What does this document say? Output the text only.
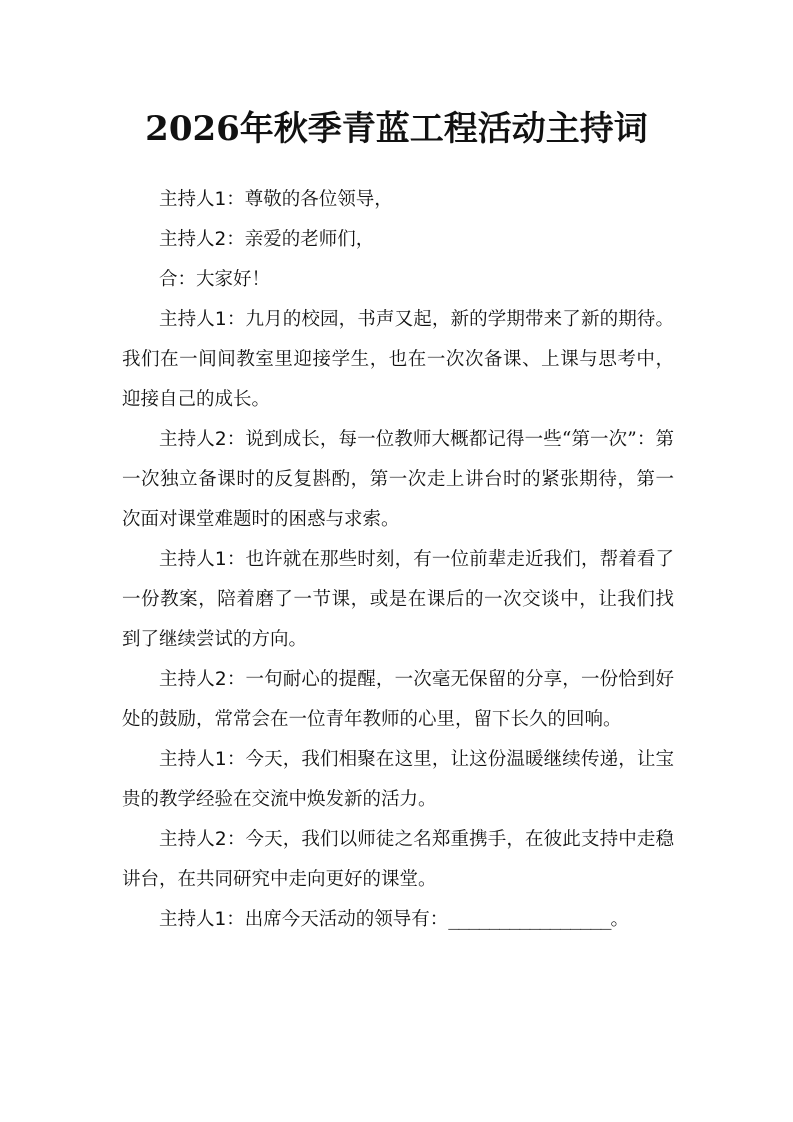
2026年秋季青蓝工程活动主持词

主持人1：尊敬的各位领导，

主持人2：亲爱的老师们，

合：大家好！

主持人1：九月的校园，书声又起，新的学期带来了新的期待。我们在一间间教室里迎接学生，也在一次次备课、上课与思考中，迎接自己的成长。

主持人2：说到成长，每一位教师大概都记得一些“第一次”：第一次独立备课时的反复斟酌，第一次走上讲台时的紧张期待，第一次面对课堂难题时的困惑与求索。

主持人1：也许就在那些时刻，有一位前辈走近我们，帮着看了一份教案，陪着磨了一节课，或是在课后的一次交谈中，让我们找到了继续尝试的方向。

主持人2：一句耐心的提醒，一次毫无保留的分享，一份恰到好处的鼓励，常常会在一位青年教师的心里，留下长久的回响。

主持人1：今天，我们相聚在这里，让这份温暖继续传递，让宝贵的教学经验在交流中焕发新的活力。

主持人2：今天，我们以师徒之名郑重携手，在彼此支持中走稳讲台，在共同研究中走向更好的课堂。

主持人1：出席今天活动的领导有：________________。
